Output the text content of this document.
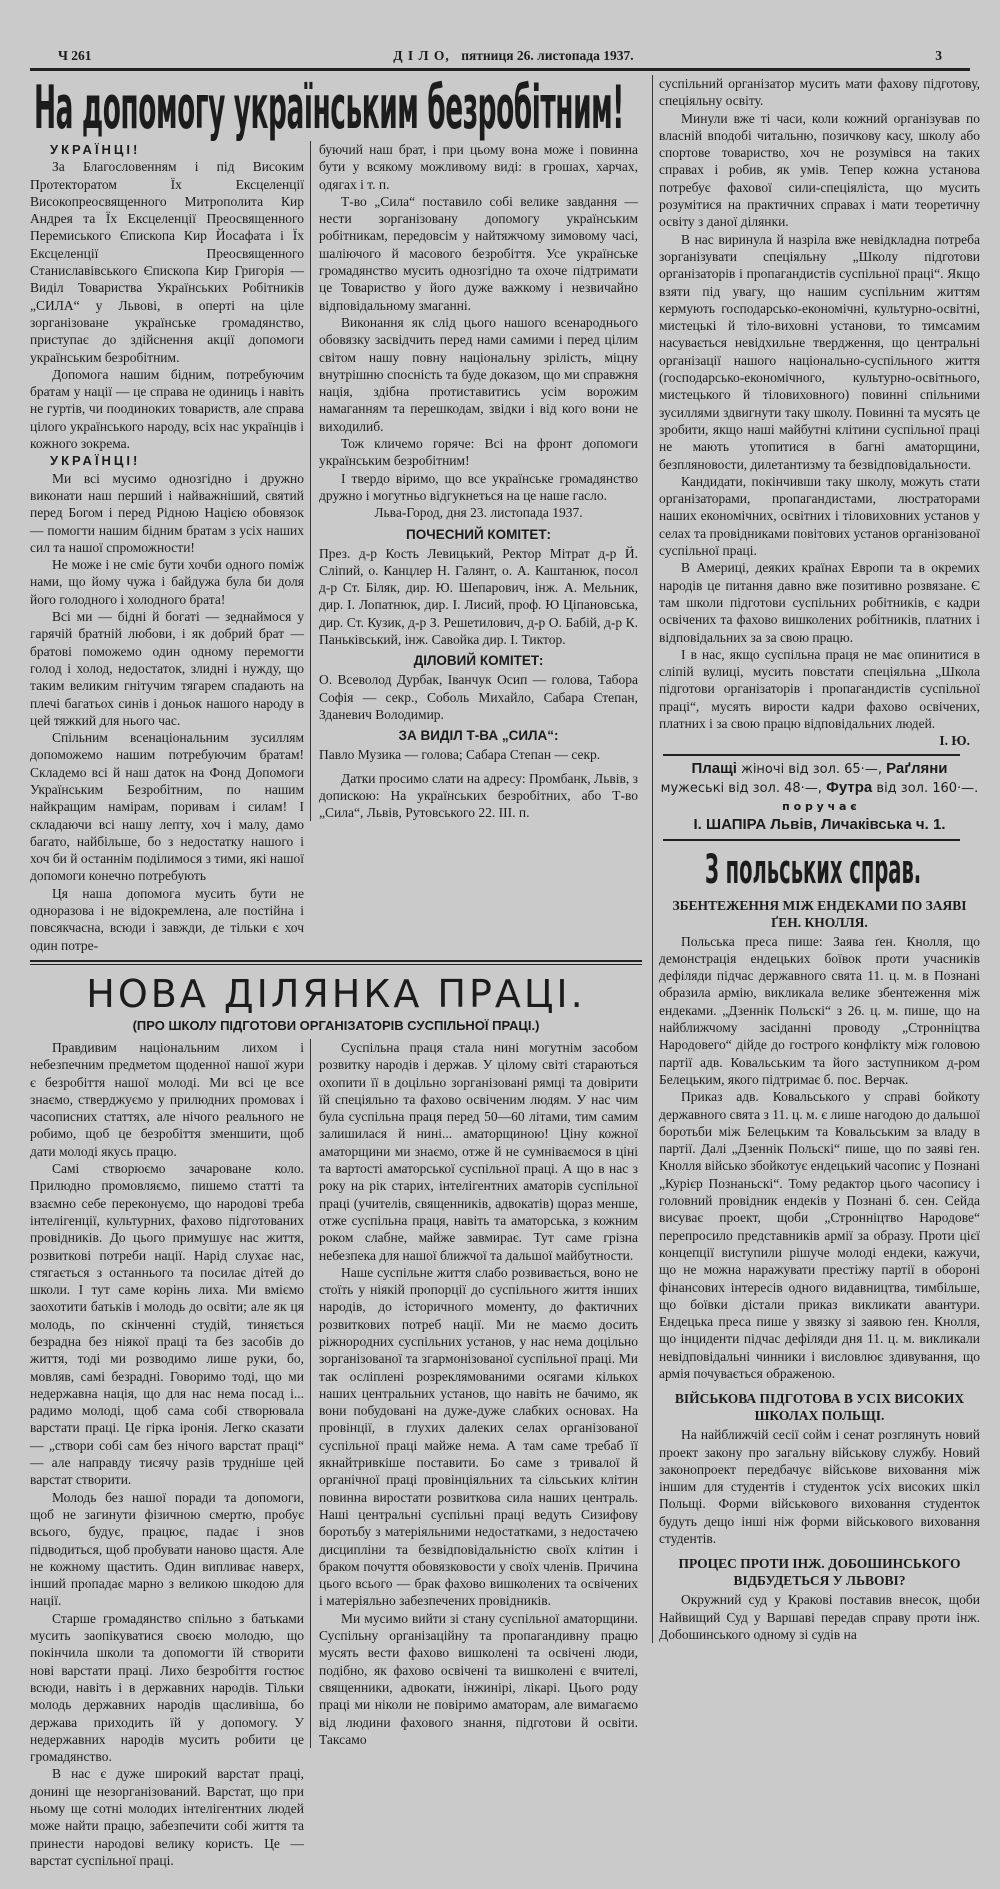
Ч 261	Д І Л О, пятниця 26. листопада 1937.	3
На допомогу українським безробітним!

УКРАЇНЦІ!

За Благословенням і під Високим Протекторатом Їх Ексцеленції Високопреосвященного Митрополита Кир Андрея та Їх Ексцеленції Преосвященного Перемиського Єпископа Кир Йосафата і Їх Ексцеленції Преосвященного Станиславівського Єпископа Кир Григорія — Виділ Товариства Українських Робітників „СИЛА“ у Львові, в оперті на ціле зорганізоване українське громадянство, приступає до здійснення акції допомоги українським безробітним.

Допомога нашим бідним, потребуючим братам у нації — це справа не одиниць і навіть не гуртів, чи поодиноких товариств, але справа цілого українського народу, всіх нас українців і кожного зокрема.

УКРАЇНЦІ!

Ми всі мусимо однозгідно і дружно виконати наш перший і найважніший, святий перед Богом і перед Рідною Нацією обовязок — помогти нашим бідним братам з усіх наших сил та нашої спроможности!

Не може і не сміє бути хочби одного поміж нами, що йому чужа і байдужа була би доля його голодного і холодного брата!

Всі ми — бідні й богаті — зеднаймося у гарячій братній любови, і як добрий брат — братові поможемо один одному перемогти голод і холод, недостаток, злидні і нужду, що таким великим гнітучим тягарем спадають на плечі багатьох синів і доньок нашого народу в цей тяжкий для нього час.

Спільним всенаціональним зусиллям допоможемо нашим потребуючим братам! Складемо всі й наш даток на Фонд Допомоги Українським Безробітним, по нашим найкращим намірам, поривам і силам! І складаючи всі нашу лепту, хоч і малу, дамо багато, найбільше, бо з недостатку нашого і хоч би й останнім поділимося з тими, які нашої допомоги конечно потребують

Ця наша допомога мусить бути не одноразова і не відокремлена, але постійна і повсякчасна, всюди і завжди, де тільки є хоч один потре-

буючий наш брат, і при цьому вона може і повинна бути у всякому можливому виді: в грошах, харчах, одягах і т. п.

Т-во „Сила“ поставило собі велике завдання — нести зорганізовану допомогу українським робітникам, передовсім у найтяжчому зимовому часі, шаліючого й масового безробіття. Усе українське громадянство мусить однозгідно та охоче підтримати це Товариство у його дуже важкому і незвичайно відповідальному змаганні.

Виконання як слід цього нашого всенароднього обовязку засвідчить перед нами самими і перед цілим світом нашу повну національну зрілість, міцну внутрішню спосність та буде доказом, що ми справжня нація, здібна протиставитись усім ворожим намаганням та перешкодам, звідки і від кого вони не виходилиб.

Тож кличемо горяче: Всі на фронт допомоги українським безробітним!

І твердо віримо, що все українське громадянство дружно і могутньо відгукнеться на це наше гасло.

Льва-Город, дня 23. листопада 1937.

ПОЧЕСНИЙ КОМІТЕТ:

През. д-р Кость Левицький, Ректор Мітрат д-р Й. Сліпий, о. Канцлер Н. Галянт, о. А. Каштанюк, посол д-р Ст. Біляк, дир. Ю. Шепарович, інж. А. Мельник, дир. І. Лопатнюк, дир. І. Лисий, проф. Ю Ціпановська, дир. Ст. Кузик, д-р З. Решетилович, д-р О. Бабій, д-р К. Паньківський, інж. Савойка дир. І. Тиктор.

ДІЛОВИЙ КОМІТЕТ:

О. Всеволод Дурбак, Іванчук Осип — голова, Табора Софія — секр., Соболь Михайло, Сабара Степан, Зданевич Володимир.

ЗА ВИДІЛ Т-ВА „СИЛА“:

Павло Музика — голова; Сабара Степан — секр.

Датки просимо слати на адресу: Промбанк, Львів, з допискою: На українських безробітних, або Т-во „Сила“, Львів, Рутовського 22. ІІІ. п.

НОВА ДІЛЯНКА ПРАЦІ.
(ПРО ШКОЛУ ПІДГОТОВИ ОРГАНІЗАТОРІВ СУСПІЛЬНОЇ ПРАЦІ.)

Правдивим національним лихом і небезпечним предметом щоденної нашої жури є безробіття нашої молоді. Ми всі це все знаємо, стверджуємо у прилюдних промовах і часописних статтях, але нічого реального не робимо, щоб це безробіття зменшити, щоб дати молоді якусь працю.

Самі створюємо зачароване коло. Прилюдно промовляємо, пишемо статті та взаємно себе переконуємо, що народові треба інтелігенції, культурних, фахово підготованих провідників. До цього примушує нас життя, розвиткові потреби нації. Нарід слухає нас, стягається з останнього та посилає дітей до школи. І тут саме корінь лиха. Ми вміємо заохотити батьків і молодь до освіти; але як ця молодь, по скінченні студій, тиняється безрадна без ніякої праці та без засобів до життя, тоді ми розводимо лише руки, бо, мовляв, самі безрадні. Говоримо тоді, що ми недержавна нація, що для нас нема посад і... радимо молоді, щоб сама собі створювала варстати праці. Це гірка іронія. Легко сказати — „створи собі сам без нічого варстат праці“ — але направду тисячу разів трудніше цей варстат створити.

Молодь без нашої поради та допомоги, щоб не загинути фізичною смертю, пробує всього, будує, працює, падає і знов підводиться, щоб пробувати наново щастя. Але не кожному щастить. Один випливає наверх, інший пропадає марно з великою шкодою для нації.

Старше громадянство спільно з батьками мусить заопікуватися своєю молодю, що покінчила школи та допомогти їй створити нові варстати праці. Лихо безробіття гостює всюди, навіть і в державних народів. Тільки молодь державних народів щасливіша, бо держава приходить їй у допомогу. У недержавних народів мусить робити це громадянство.

В нас є дуже широкий варстат праці, донині ще незорганізований. Варстат, що при ньому ще сотні молодих інтелігентних людей може найти працю, забезпечити собі життя та принести народові велику користь. Це — варстат суспільної праці.

Суспільна праця стала нині могутнім засобом розвитку народів і держав. У цілому світі стараються охопити її в доцільно зорганізовані рямці та довірити їй спеціяльно та фахово освіченим людям. У нас чим була суспільна праця перед 50—60 літами, тим самим залишилася й нині... аматорщиною! Ціну кожної аматорщини ми знаємо, отже й не сумніваємося в ціні та вартості аматорської суспільної праці. А що в нас з року на рік старих, інтелігентних аматорів суспільної праці (учителів, священників, адвокатів) щораз менше, отже суспільна праця, навіть та аматорська, з кожним роком слабне, майже завмирає. Тут саме грізна небезпека для нашої ближчої та дальшої майбутности.

Наше суспільне життя слабо розвивається, воно не стоїть у ніякій пропорції до суспільного життя інших народів, до історичного моменту, до фактичних розвиткових потреб нації. Ми не маємо досить ріжнородних суспільних установ, у нас нема доцільно зорганізованої та згармонізованої суспільної праці. Ми так осліплені розреклямованими осягами кількох наших центральних установ, що навіть не бачимо, як вони побудовані на дуже-дуже слабких основах. На провінції, в глухих далеких селах організованої суспільної праці майже нема. А там саме требаб її якнайтривкіше поставити. Бо саме з тривалої й органічної праці провінціяльних та сільських клітин повинна виростати розвиткова сила наших централь. Наші центральні суспільні праці ведуть Сизифову боротьбу з матеріяльними недостатками, з недостачею дисципліни та безвідповідальністю своїх клітин і браком почуття обовязковости у своїх членів. Причина цього всього — брак фахово вишколених та освічених і матеріяльно забезпечених провідників.

Ми мусимо вийти зі стану суспільної аматорщини. Суспільну організаційну та пропагандивну працю мусять вести фахово вишколені та освічені люди, подібно, як фахово освічені та вишколені є вчителі, священники, адвокати, інжинірі, лікарі. Цього роду праці ми ніколи не повіримо аматорам, але вимагаємо від людини фахового знання, підготови й освіти. Таксамо

суспільний організатор мусить мати фахову підготову, спеціяльну освіту.

Минули вже ті часи, коли кожний організував по власній вподобі читальню, позичкову касу, школу або спортове товариство, хоч не розумівся на таких справах і робив, як умів. Тепер кожна установа потребує фахової сили-спеціяліста, що мусить розумітися на практичних справах і мати теоретичну освіту з даної ділянки.

В нас виринула й назріла вже невідкладна потреба зорганізувати спеціяльну „Школу підготови організаторів і пропагандистів суспільної праці“. Якщо взяти під увагу, що нашим суспільним життям кермують господарсько-економічні, культурно-освітні, мистецькі й тіло-виховні установи, то тимсамим насувається невідхильне твердження, що центральні організації нашого національно-суспільного життя (господарсько-економічного, культурно-освітнього, мистецького й тіловиховного) повинні спільними зусиллями здвигнути таку школу. Повинні та мусять це зробити, якщо наші майбутні клітини суспільної праці не мають утопитися в багні аматорщини, безпляновости, дилетантизму та безвідповідальности.

Кандидати, покінчивши таку школу, можуть стати організаторами, пропагандистами, люстраторами наших економічних, освітних і тіловиховних установ у селах та провідниками повітових установ організованої суспільної праці.

В Америці, деяких країнах Европи та в окремих народів це питання давно вже позитивно розвязане. Є там школи підготови суспільних робітників, є кадри освічених та фахово вишколених робітників, платних і відповідальних за за свою працю.

І в нас, якщо суспільна праця не має опинитися в сліпій вулиці, мусить повстати спеціяльна „Школа підготови організаторів і пропагандистів суспільної праці“, мусять вирости кадри фахово освічених, платних і за свою працю відповідальних людей.

І. Ю.
Плащі жіночі від зол. 65·—, Раґляни мужеські від зол. 48·—, Футра від зол. 160·—.
п о р у ч а є
І. ШАПІРА Львів, Личаківська ч. 1.
З польських справ.
ЗБЕНТЕЖЕННЯ МІЖ ЕНДЕКАМИ ПО ЗАЯВІ ҐЕН. КНОЛЛЯ.

Польська преса пише: Заява ґен. Кнолля, що демонстрація ендецьких боївок проти учасників дефіляди підчас державного свята 11. ц. м. в Познані образила армію, викликала велике збентеження між ендеками. „Дзеннік Польскі“ з 26. ц. м. пише, що на найближчому засіданні проводу „Стронніцтва Народовего“ дійде до гострого конфлікту між головою партії адв. Ковальським та його заступником д-ром Белецьким, якого підтримає б. пос. Верчак.

Приказ адв. Ковальського у справі бойкоту державного свята з 11. ц. м. є лише нагодою до дальшої боротьби між Белецьким та Ковальським за владу в партії. Далі „Дзеннік Польскі“ пише, що по заяві ґен. Кнолля військо збойкотує ендецький часопис у Познані „Курієр Познаньскі“. Тому редактор цього часопису і головний провідник ендеків у Познані б. сен. Сейда висуває проект, щоби „Стронніцтво Народове“ перепросило представників армії за образу. Проти цієї концепції виступили рішуче молоді ендеки, кажучи, що не можна наражувати престіжу партії в обороні фінансових інтересів одного видавництва, тимбільше, що боївки дістали приказ викликати авантури. Ендецька преса пише у звязку зі заявою ґен. Кнолля, що інциденти підчас дефіляди дня 11. ц. м. викликали невідповідальні чинники і висловлює здивування, що армія почувається ображеною.

ВІЙСЬКОВА ПІДГОТОВА В УСІХ ВИСОКИХ ШКОЛАХ ПОЛЬЩІ.

На найближчій сесії сойм і сенат розглянуть новий проект закону про загальну військову службу. Новий законопроект передбачує військове виховання між іншим для студентів і студенток усіх високих шкіл Польщі. Форми військового виховання студенток будуть дещо інші ніж форми військового виховання студентів.

ПРОЦЕС ПРОТИ ІНЖ. ДОБОШИНСЬКОГО ВІДБУДЕТЬСЯ У ЛЬВОВІ?

Окружний суд у Кракові поставив внесок, щоби Найвищий Суд у Варшаві передав справу проти інж. Добошинського одному зі судів на
